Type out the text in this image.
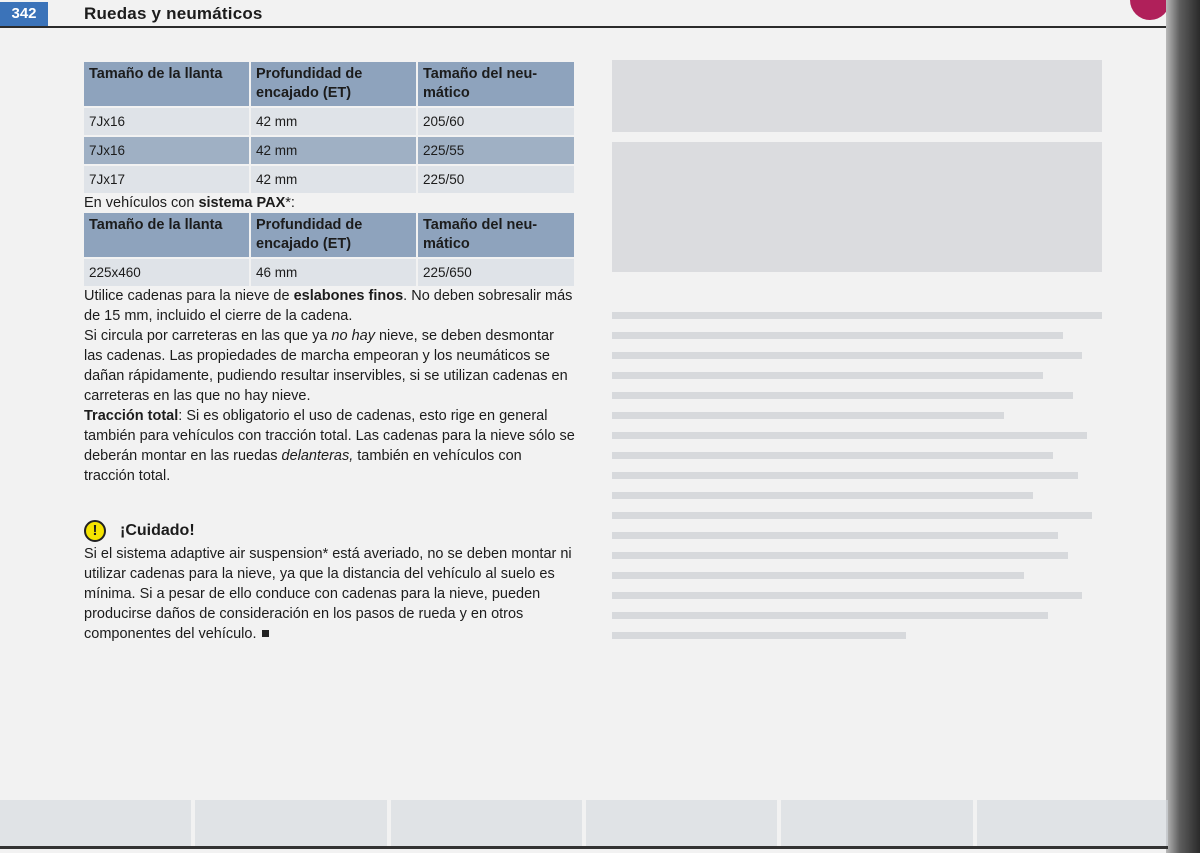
342	Ruedas y neumáticos
Tamaño de la llanta	Profundidad de encajado (ET)	Tamaño del neu-mático
7Jx16	42 mm	205/60
7Jx16	42 mm	225/55
7Jx17	42 mm	225/50

En vehículos con sistema PAX*:

Tamaño de la llanta	Profundidad de encajado (ET)	Tamaño del neu-mático
225x460	46 mm	225/650

Utilice cadenas para la nieve de eslabones finos. No deben sobresalir más de 15 mm, incluido el cierre de la cadena.

Si circula por carreteras en las que ya no hay nieve, se deben desmontar las cadenas. Las propiedades de marcha empeoran y los neumáticos se dañan rápidamente, pudiendo resultar inservibles, si se utilizan cadenas en carreteras en las que no hay nieve.

Tracción total: Si es obligatorio el uso de cadenas, esto rige en general también para vehículos con tracción total. Las cadenas para la nieve sólo se deberán montar en las ruedas delanteras, también en vehículos con tracción total.

!	¡Cuidado!

Si el sistema adaptive air suspension* está averiado, no se deben montar ni utilizar cadenas para la nieve, ya que la distancia del vehículo al suelo es mínima. Si a pesar de ello conduce con cadenas para la nieve, pueden producirse daños de consideración en los pasos de rueda y en otros componentes del vehículo.
